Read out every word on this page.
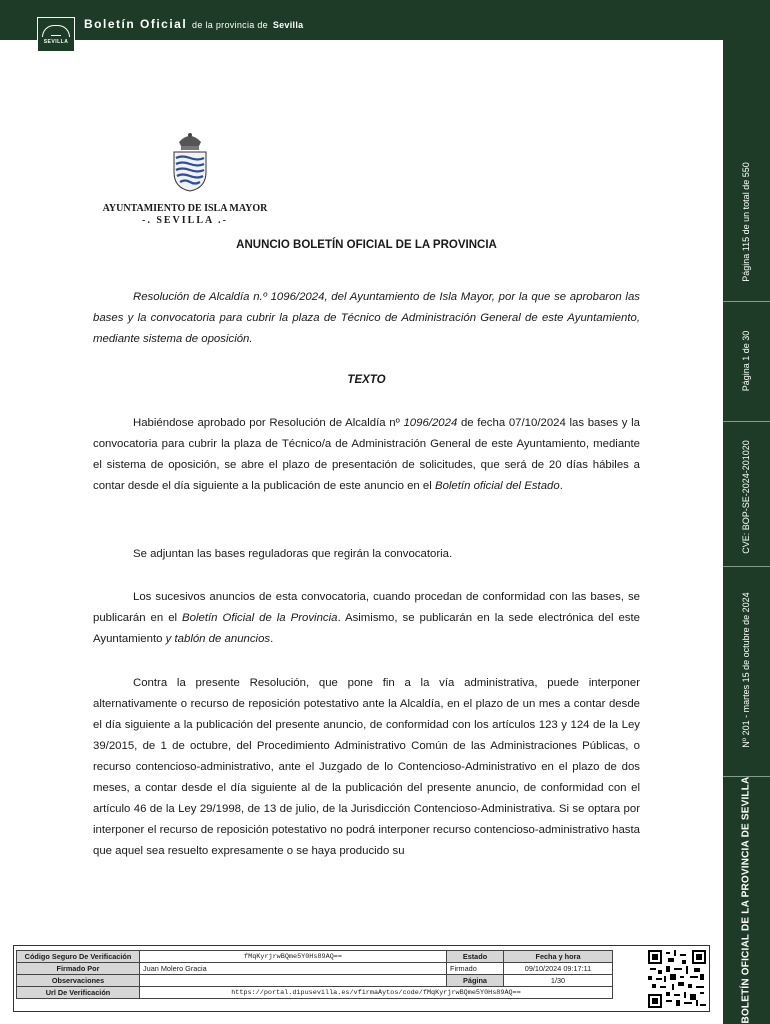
SEVILLA
Boletín Oficial de la provincia de Sevilla
Página 115 de un total de 550
Página 1 de 30
CVE: BOP-SE-2024-201020
Nº 201 - martes 15 de octubre de 2024
BOLETÍN OFICIAL DE LA PROVINCIA DE SEVILLA
AYUNTAMIENTO DE ISLA MAYOR
-. SEVILLA .-
ANUNCIO BOLETÍN OFICIAL DE LA PROVINCIA

Resolución de Alcaldía n.º 1096/2024, del Ayuntamiento de Isla Mayor, por la que se aprobaron las bases y la convocatoria para cubrir la plaza de Técnico de Administración General de este Ayuntamiento, mediante sistema de oposición.

TEXTO

Habiéndose aprobado por Resolución de Alcaldía nº 1096/2024 de fecha 07/10/2024 las bases y la convocatoria para cubrir la plaza de Técnico/a de Administración General de este Ayuntamiento, mediante el sistema de oposición, se abre el plazo de presentación de solicitudes, que será de 20 días hábiles a contar desde el día siguiente a la publicación de este anuncio en el Boletín oficial del Estado.

Se adjuntan las bases reguladoras que regirán la convocatoria.

Los sucesivos anuncios de esta convocatoria, cuando procedan de conformidad con las bases, se publicarán en el Boletín Oficial de la Provincia. Asimismo, se publicarán en la sede electrónica del este Ayuntamiento y tablón de anuncios.

Contra la presente Resolución, que pone fin a la vía administrativa, puede interponer alternativamente o recurso de reposición potestativo ante la Alcaldía, en el plazo de un mes a contar desde el día siguiente a la publicación del presente anuncio, de conformidad con los artículos 123 y 124 de la Ley 39/2015, de 1 de octubre, del Procedimiento Administrativo Común de las Administraciones Públicas, o recurso contencioso-administrativo, ante el Juzgado de lo Contencioso-Administrativo en el plazo de dos meses, a contar desde el día siguiente al de la publicación del presente anuncio, de conformidad con el artículo 46 de la Ley 29/1998, de 13 de julio, de la Jurisdicción Contencioso-Administrativa. Si se optara por interponer el recurso de reposición potestativo no podrá interponer recurso contencioso-administrativo hasta que aquel sea resuelto expresamente o se haya producido su

Código Seguro De Verificación	fMqKyrjrwBQme5Y0Hs89AQ==	Estado	Fecha y hora
Firmado Por	Juan Molero Gracia	Firmado	09/10/2024 09:17:11
Observaciones		Página	1/30
Url De Verificación	https://portal.dipusevilla.es/vfirmaAytos/code/fMqKyrjrwBQme5Y0Hs89AQ==		
